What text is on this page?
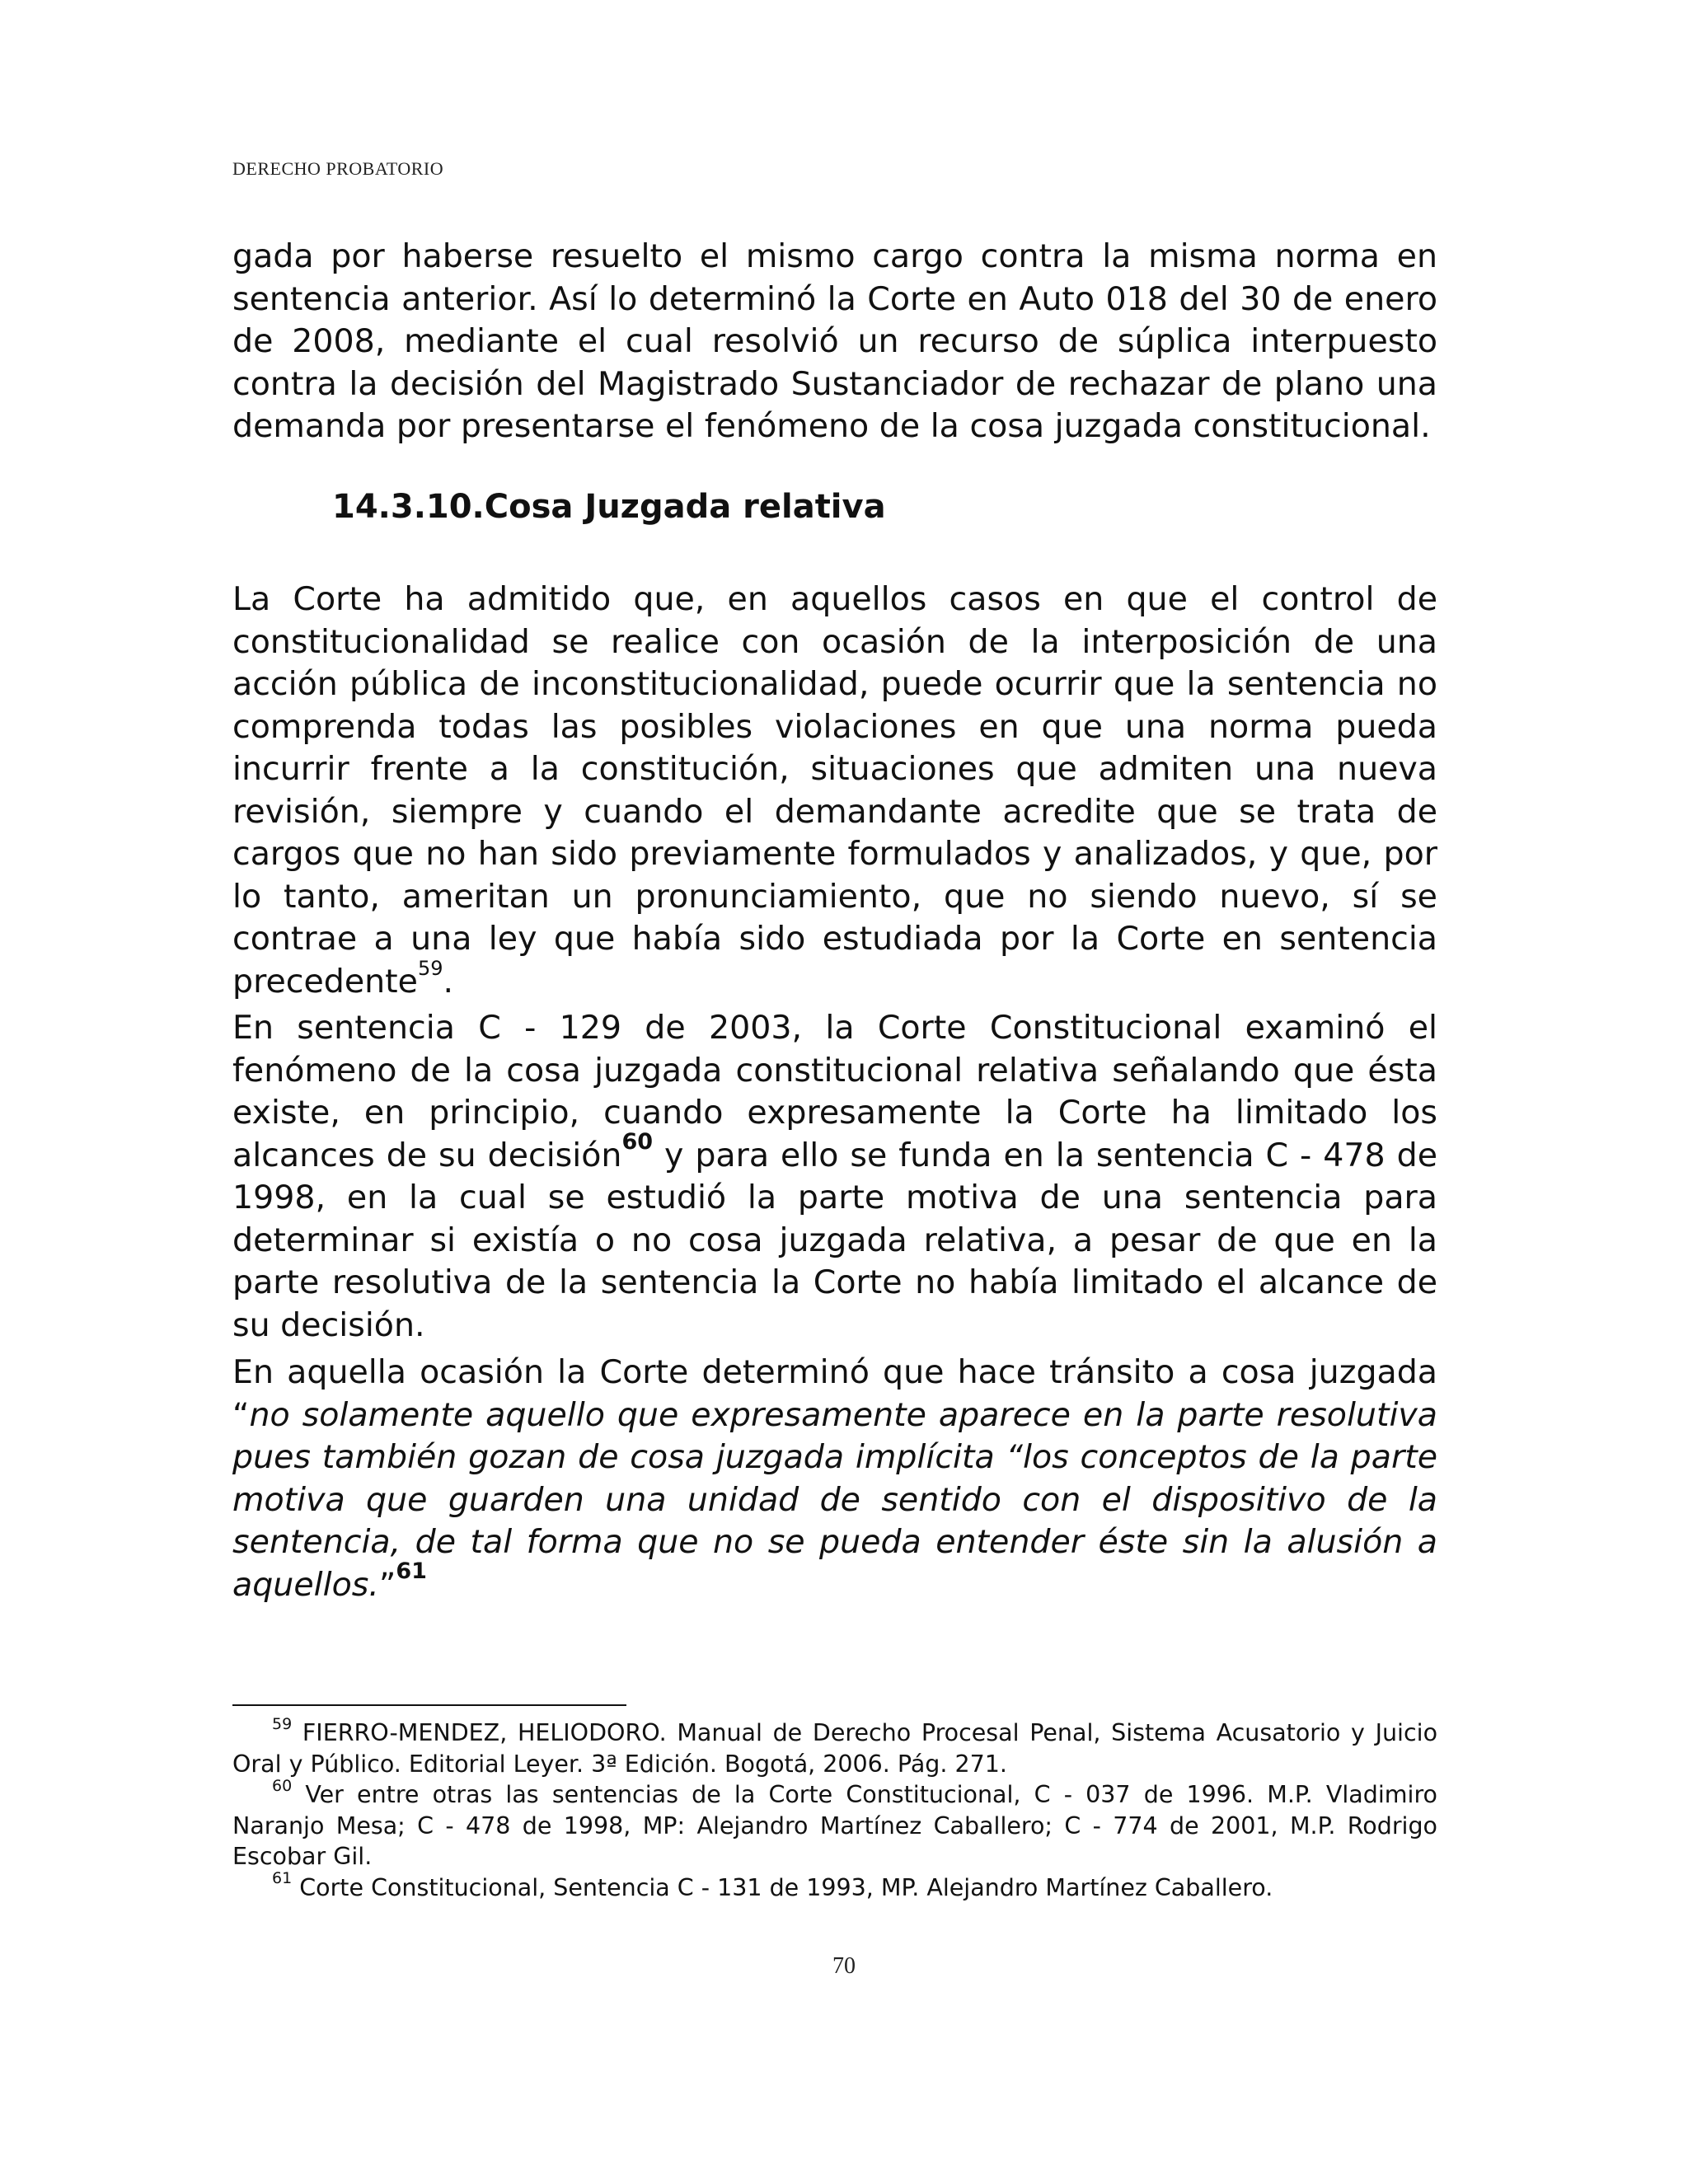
DERECHO PROBATORIO

gada por haberse resuelto el mismo cargo contra la misma norma en sentencia anterior. Así lo determinó la Corte en Auto 018 del 30 de enero de 2008, mediante el cual resolvió un recurso de súplica interpuesto contra la decisión del Magistrado Sustanciador de rechazar de plano una demanda por presentarse el fenómeno de la cosa juzgada constitucional.

14.3.10.Cosa Juzgada relativa

La Corte ha admitido que, en aquellos casos en que el control de constitucionalidad se realice con ocasión de la interposición de una acción pública de inconstitucionalidad, puede ocurrir que la sentencia no comprenda todas las posibles violaciones en que una norma pueda incurrir frente a la constitución, situaciones que admiten una nueva revisión, siempre y cuando el demandante acredite que se trata de cargos que no han sido previamente formulados y analizados, y que, por lo tanto, ameritan un pronunciamiento, que no siendo nuevo, sí se contrae a una ley que había sido estudiada por la Corte en sentencia precedente$^{59}$.

En sentencia C - 129 de 2003, la Corte Constitucional examinó el fenómeno de la cosa juzgada constitucional relativa señalando que ésta existe, en principio, cuando expresamente la Corte ha limitado los alcances de su decisión$^{60}$ y para ello se funda en la sentencia C - 478 de 1998, en la cual se estudió la parte motiva de una sentencia para determinar si existía o no cosa juzgada relativa, a pesar de que en la parte resolutiva de la sentencia la Corte no había limitado el alcance de su decisión.

En aquella ocasión la Corte determinó que hace tránsito a cosa juzgada “no solamente aquello que expresamente aparece en la parte resolutiva pues también gozan de cosa juzgada implícita “los conceptos de la parte motiva que guarden una unidad de sentido con el dispositivo de la sentencia, de tal forma que no se pueda entender éste sin la alusión a aquellos.”$^{61}$

$^{59}$ FIERRO-MENDEZ, HELIODORO. Manual de Derecho Procesal Penal, Sistema Acusatorio y Juicio Oral y Público. Editorial Leyer. 3ª Edición. Bogotá, 2006. Pág. 271.

$^{60}$ Ver entre otras las sentencias de la Corte Constitucional, C - 037 de 1996. M.P. Vladimiro Naranjo Mesa; C - 478 de 1998, MP: Alejandro Martínez Caballero; C - 774 de 2001, M.P. Rodrigo Escobar Gil.

$^{61}$ Corte Constitucional, Sentencia C - 131 de 1993, MP. Alejandro Martínez Caballero.

70
